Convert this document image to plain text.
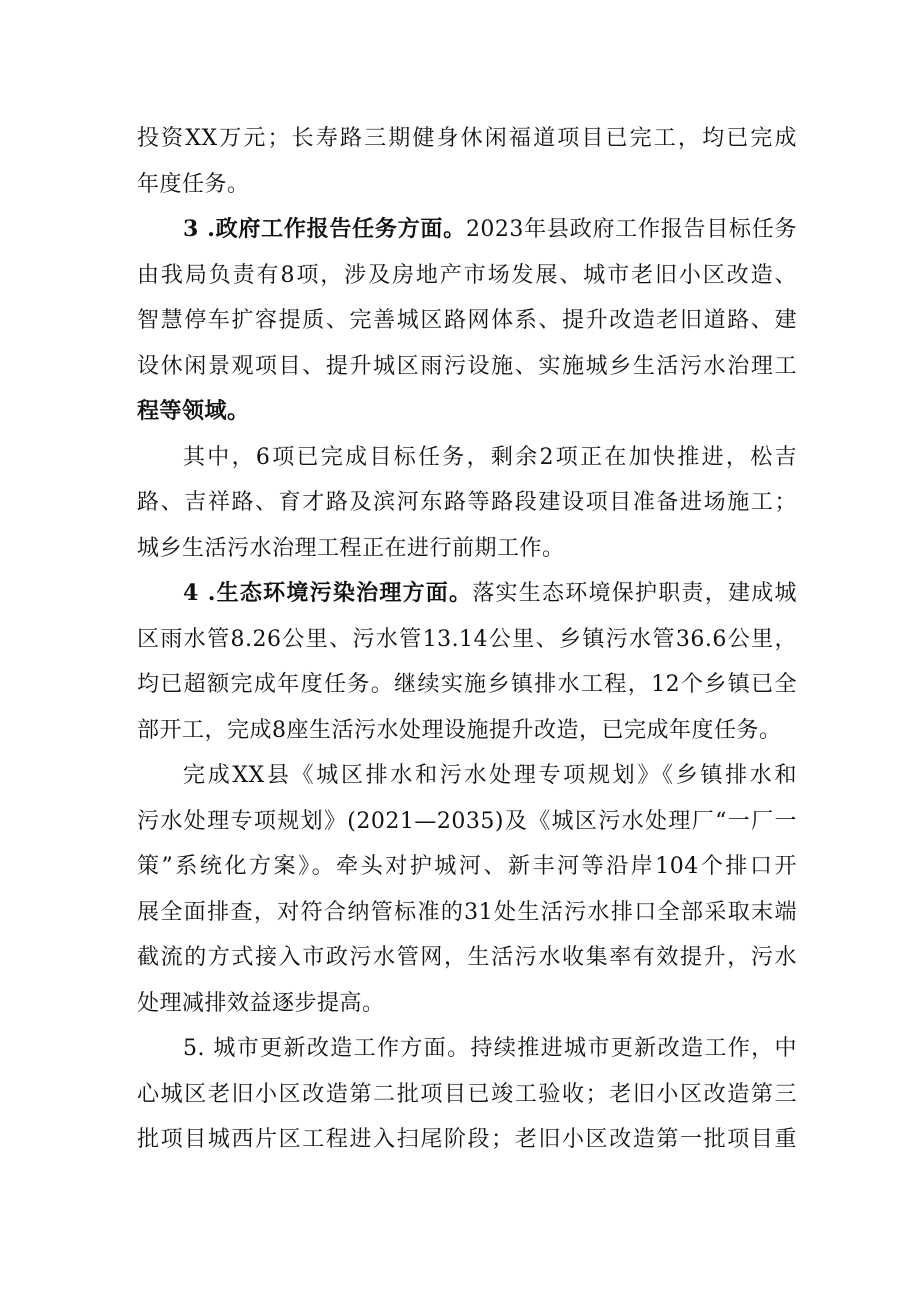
投资XX万元；长寿路三期健身休闲福道项目已完工，均已完成
年度任务。
3 .政府工作报告任务方面。2023年县政府工作报告目标任务
由我局负责有8项，涉及房地产市场发展、城市老旧小区改造、
智慧停车扩容提质、完善城区路网体系、提升改造老旧道路、建
设休闲景观项目、提升城区雨污设施、实施城乡生活污水治理工
程等领域。
其中，6项已完成目标任务，剩余2项正在加快推进，松吉
路、吉祥路、育才路及滨河东路等路段建设项目准备进场施工；
城乡生活污水治理工程正在进行前期工作。
4 .生态环境污染治理方面。落实生态环境保护职责，建成城
区雨水管8.26公里、污水管13.14公里、乡镇污水管36.6公里，
均已超额完成年度任务。继续实施乡镇排水工程，12个乡镇已全
部开工，完成8座生活污水处理设施提升改造，已完成年度任务。
完成XX县《城区排水和污水处理专项规划》《乡镇排水和
污水处理专项规划》(2021—2035)及《城区污水处理厂“一厂一
策”系统化方案》。牵头对护城河、新丰河等沿岸104个排口开
展全面排查，对符合纳管标准的31处生活污水排口全部采取末端
截流的方式接入市政污水管网，生活污水收集率有效提升，污水
处理减排效益逐步提高。
5. 城市更新改造工作方面。持续推进城市更新改造工作，中
心城区老旧小区改造第二批项目已竣工验收；老旧小区改造第三
批项目城西片区工程进入扫尾阶段；老旧小区改造第一批项目重
